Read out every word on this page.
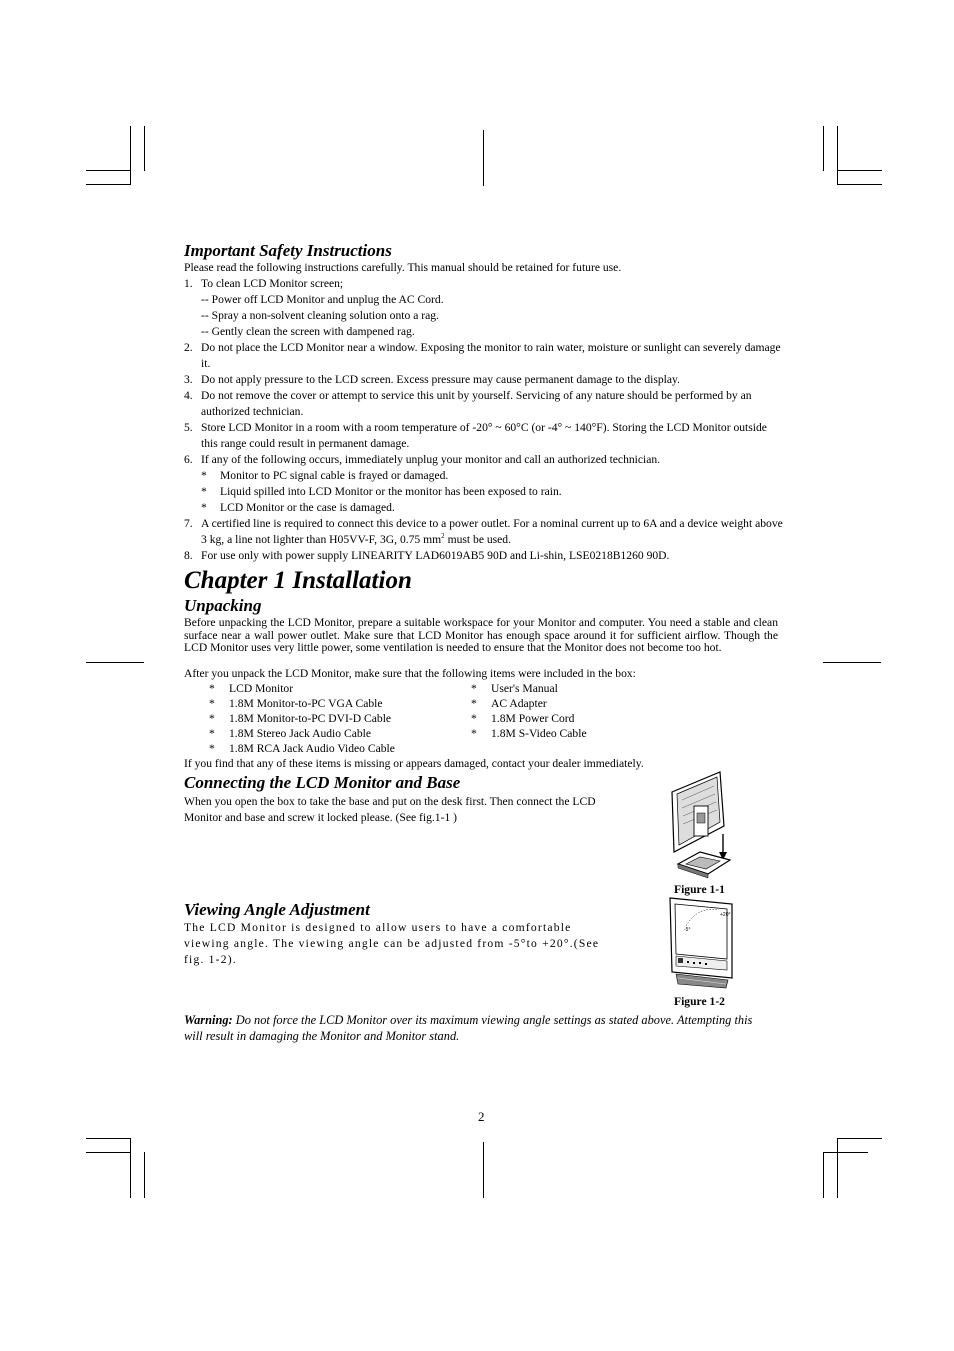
Important Safety Instructions
Please read the following instructions carefully. This manual should be retained for future use.
1. To clean LCD Monitor screen;
-- Power off LCD Monitor and unplug the AC Cord.
-- Spray a non-solvent cleaning solution onto a rag.
-- Gently clean the screen with dampened rag.
2. Do not place the LCD Monitor near a window. Exposing the monitor to rain water, moisture or sunlight can severely damage it.
3. Do not apply pressure to the LCD screen. Excess pressure may cause permanent damage to the display.
4. Do not remove the cover or attempt to service this unit by yourself. Servicing of any nature should be performed by an authorized technician.
5. Store LCD Monitor in a room with a room temperature of -20° ~ 60°C (or -4° ~ 140°F). Storing the LCD Monitor outside this range could result in permanent damage.
6. If any of the following occurs, immediately unplug your monitor and call an authorized technician.
* Monitor to PC signal cable is frayed or damaged.
* Liquid spilled into LCD Monitor or the monitor has been exposed to rain.
* LCD Monitor or the case is damaged.
7. A certified line is required to connect this device to a power outlet. For a nominal current up to 6A and a device weight above 3 kg, a line not lighter than H05VV-F, 3G, 0.75 $mm^2$ must be used.
8. For use only with power supply LINEARITY LAD6019AB5 90D and Li-shin, LSE0218B1260 90D.
Chapter 1 Installation
Unpacking
Before unpacking the LCD Monitor, prepare a suitable workspace for your Monitor and computer. You need a stable and clean surface near a wall power outlet. Make sure that LCD Monitor has enough space around it for sufficient airflow. Though the LCD Monitor uses very little power, some ventilation is needed to ensure that the Monitor does not become too hot.
After you unpack the LCD Monitor, make sure that the following items were included in the box:
*	LCD Monitor	*	User's Manual
*	1.8M Monitor-to-PC VGA Cable	*	AC Adapter
*	1.8M Monitor-to-PC DVI-D Cable	*	1.8M Power Cord
*	1.8M Stereo Jack Audio Cable	*	1.8M S-Video Cable
*	1.8M RCA Jack Audio Video Cable
If you find that any of these items is missing or appears damaged, contact your dealer immediately.
Connecting the LCD Monitor and Base
When you open the box to take the base and put on the desk first. Then connect the LCD Monitor and base and screw it locked please. (See fig.1-1 )
Figure 1-1
Viewing Angle Adjustment
The LCD Monitor is designed to allow users to have a comfortable viewing angle. The viewing angle can be adjusted from -5°to +20°.(See fig. 1-2).
+20°
-5°
Figure 1-2
Warning: Do not force the LCD Monitor over its maximum viewing angle settings as stated above. Attempting this will result in damaging the Monitor and Monitor stand.
2
